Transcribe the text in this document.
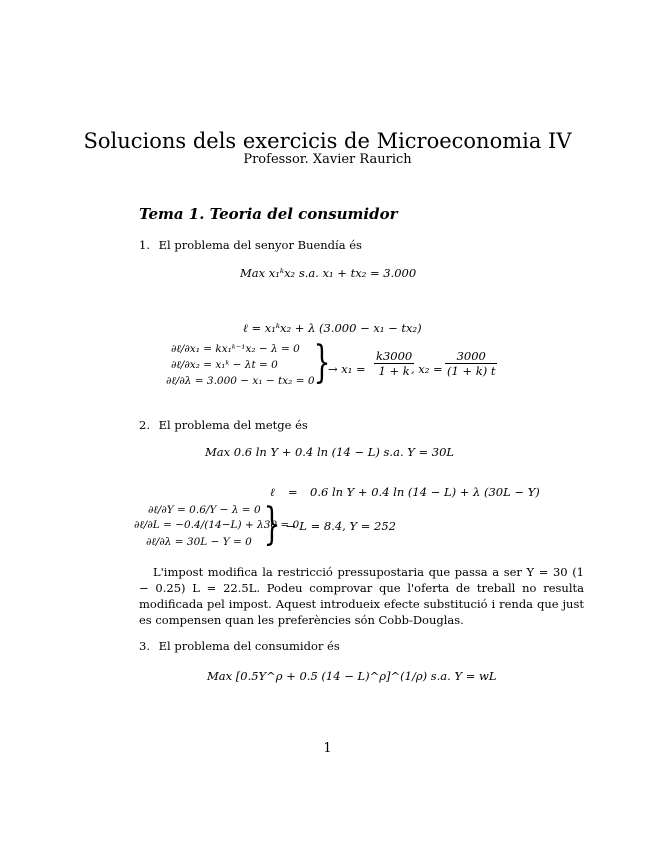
Solucions dels exercicis de Microeconomia IV
Professor. Xavier Raurich
Tema 1. Teoria del consumidor
1. El problema del senyor Buendía és
Max x₁ᵏx₂ s.a. x₁ + tx₂ = 3.000
ℓ = x₁ᵏx₂ + λ (3.000 − x₁ − tx₂)
∂ℓ/∂x₁ = kx₁ᵏ⁻¹x₂ − λ = 0
∂ℓ/∂x₂ = x₁ᵏ − λt = 0
∂ℓ/∂λ = 3.000 − x₁ − tx₂ = 0 }
→ $x_1 = \frac{k3000}{1 + k}$
, $x_2 = \frac{3000}{(1 + k) t}$
2. El problema del metge és
Max 0.6 ln Y + 0.4 ln (14 − L) s.a. Y = 30L
ℓ = 0.6 ln Y + 0.4 ln (14 − L) + λ (30L − Y)
∂ℓ/∂Y = 0.6/Y − λ = 0
∂ℓ/∂L = −0.4/(14−L) + λ30 = 0
∂ℓ/∂λ = 30L − Y = 0 } → L = 8.4, Y = 252
L'impost modifica la restricció pressupostaria que passa a ser Y = 30 (1 − 0.25) L = 22.5L. Podeu comprovar que l'oferta de treball no resulta modificada pel impost. Aquest introdueix efecte substitució i renda que just es compensen quan les preferències són Cobb-Douglas.
3. El problema del consumidor és
Max [0.5Y^ρ + 0.5 (14 − L)^ρ]^(1/ρ) s.a. Y = wL
1
